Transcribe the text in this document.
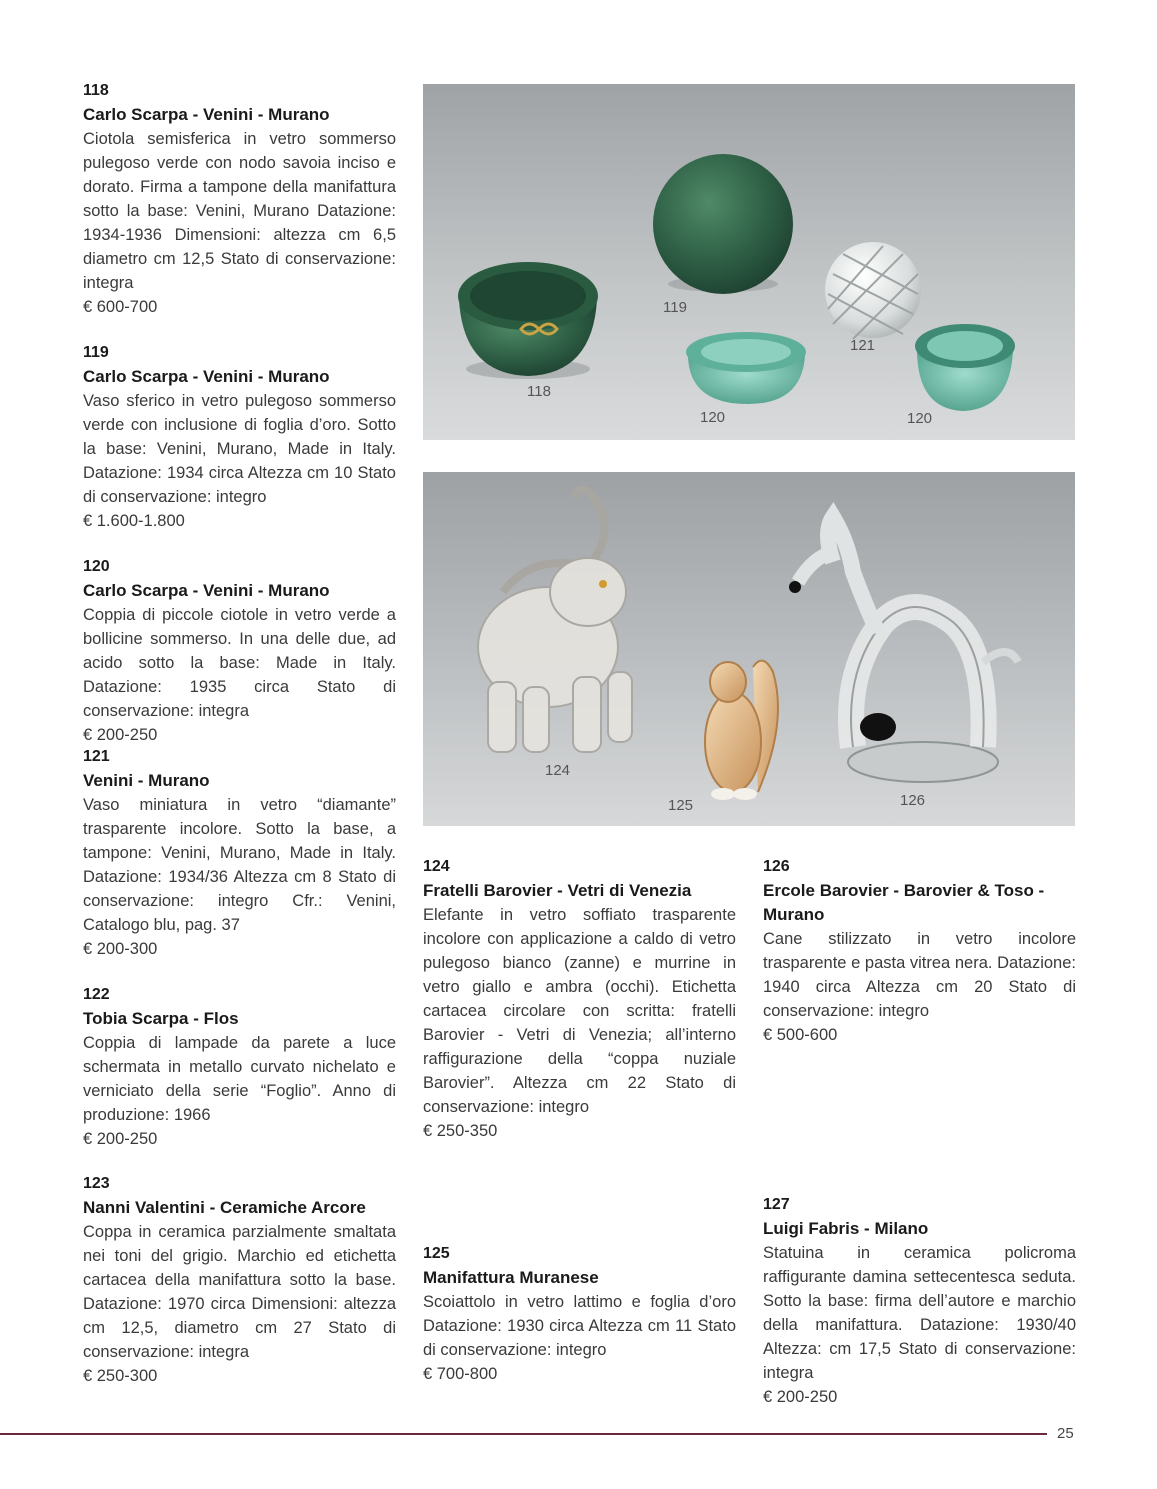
118
Carlo Scarpa - Venini - Murano
Ciotola semisferica in vetro sommerso pulegoso verde con nodo savoia inciso e dorato. Firma a tampone della manifattura sotto la base: Venini, Murano Datazione: 1934-1936 Dimensioni: altezza cm 6,5 diametro cm 12,5 Stato di conservazione: integra
€ 600-700
119
Carlo Scarpa - Venini - Murano
Vaso sferico in vetro pulegoso sommerso verde con inclusione di foglia d’oro. Sotto la base: Venini, Murano, Made in Italy. Datazione: 1934 circa Altezza cm 10 Stato di conservazione: integro
€ 1.600-1.800
120
Carlo Scarpa - Venini - Murano
Coppia di piccole ciotole in vetro verde a bollicine sommerso. In una delle due, ad acido sotto la base: Made in Italy. Datazione: 1935 circa Stato di conservazione: integra
€ 200-250
121
Venini - Murano
Vaso miniatura in vetro “diamante” trasparente incolore. Sotto la base, a tampone: Venini, Murano, Made in Italy. Datazione: 1934/36 Altezza cm 8 Stato di conservazione: integro Cfr.: Venini, Catalogo blu, pag. 37
€ 200-300
122
Tobia Scarpa - Flos
Coppia di lampade da parete a luce schermata in metallo curvato nichelato e verniciato della serie “Foglio”. Anno di produzione: 1966
€ 200-250
123
Nanni Valentini - Ceramiche Arcore
Coppa in ceramica parzialmente smaltata nei toni del grigio. Marchio ed etichetta cartacea della manifattura sotto la base. Datazione: 1970 circa Dimensioni: altezza cm 12,5, diametro cm 27 Stato di conservazione: integra
€ 250-300
118
119
120	120
121
124
125	126
124
Fratelli Barovier - Vetri di Venezia
Elefante in vetro soffiato trasparente incolore con applicazione a caldo di vetro pulegoso bianco (zanne) e murrine in vetro giallo e ambra (occhi). Etichetta cartacea circolare con scritta: fratelli Barovier - Vetri di Venezia; all’interno raffigurazione della “coppa nuziale Barovier”. Altezza cm 22 Stato di conservazione: integro
€ 250-350
125
Manifattura Muranese
Scoiattolo in vetro lattimo e foglia d’oro Datazione: 1930 circa Altezza cm 11 Stato di conservazione: integro
€ 700-800
126
Ercole Barovier - Barovier & Toso - Murano
Cane stilizzato in vetro incolore trasparente e pasta vitrea nera. Datazione: 1940 circa Altezza cm 20 Stato di conservazione: integro
€ 500-600
127
Luigi Fabris - Milano
Statuina in ceramica policroma raffigurante damina settecentesca seduta. Sotto la base: firma dell’autore e marchio della manifattura. Datazione: 1930/40 Altezza: cm 17,5 Stato di conservazione: integra
€ 200-250
25
